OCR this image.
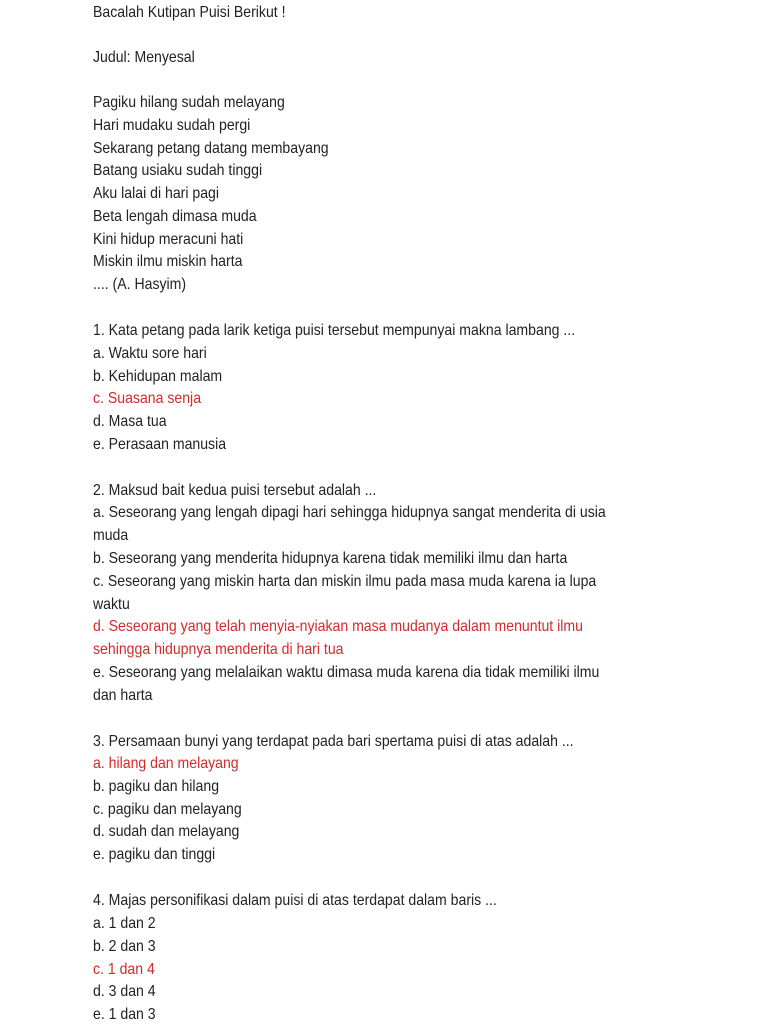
Bacalah Kutipan Puisi Berikut !
Judul: Menyesal
Pagiku hilang sudah melayang
Hari mudaku sudah pergi
Sekarang petang datang membayang
Batang usiaku sudah tinggi
Aku lalai di hari pagi
Beta lengah dimasa muda
Kini hidup meracuni hati
Miskin ilmu miskin harta
.... (A. Hasyim)
1. Kata petang pada larik ketiga puisi tersebut mempunyai makna lambang ...
a. Waktu sore hari
b. Kehidupan malam
c. Suasana senja
d. Masa tua
e. Perasaan manusia
2. Maksud bait kedua puisi tersebut adalah ...
a. Seseorang yang lengah dipagi hari sehingga hidupnya sangat menderita di usia
muda
b. Seseorang yang menderita hidupnya karena tidak memiliki ilmu dan harta
c. Seseorang yang miskin harta dan miskin ilmu pada masa muda karena ia lupa
waktu
d. Seseorang yang telah menyia-nyiakan masa mudanya dalam menuntut ilmu
sehingga hidupnya menderita di hari tua
e. Seseorang yang melalaikan waktu dimasa muda karena dia tidak memiliki ilmu
dan harta
3. Persamaan bunyi yang terdapat pada bari spertama puisi di atas adalah ...
a. hilang dan melayang
b. pagiku dan hilang
c. pagiku dan melayang
d. sudah dan melayang
e. pagiku dan tinggi
4. Majas personifikasi dalam puisi di atas terdapat dalam baris ...
a. 1 dan 2
b. 2 dan 3
c. 1 dan 4
d. 3 dan 4
e. 1 dan 3
